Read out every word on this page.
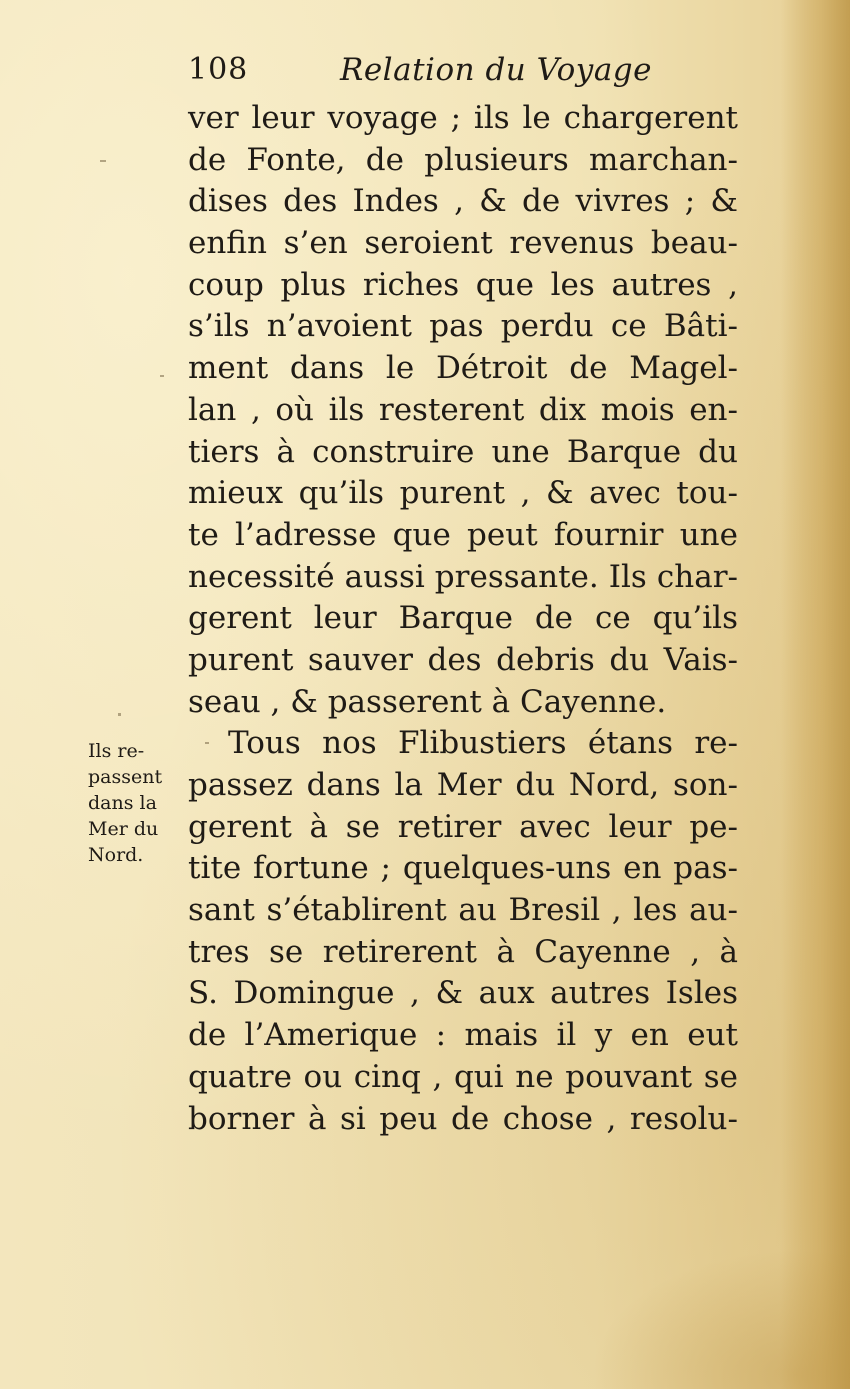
108	Relation du Voyage
ver leur voyage ; ils le chargerent
de Fonte, de plusieurs marchan-
dises des Indes , & de vivres ; &
enfin s’en seroient revenus beau-
coup plus riches que les autres ,
s’ils n’avoient pas perdu ce Bâti-
ment dans le Détroit de Magel-
lan , où ils resterent dix mois en-
tiers à construire une Barque du
mieux qu’ils purent , & avec tou-
te l’adresse que peut fournir une
necessité aussi pressante. Ils char-
gerent leur Barque de ce qu’ils
purent sauver des debris du Vais-
seau , & passerent à Cayenne.
Tous nos Flibustiers étans re-
passez dans la Mer du Nord, son-
gerent à se retirer avec leur pe-
tite fortune ; quelques-uns en pas-
sant s’établirent au Bresil , les au-
tres se retirerent à Cayenne , à
S. Domingue , & aux autres Isles
de l’Amerique : mais il y en eut
quatre ou cinq , qui ne pouvant se
borner à si peu de chose , resolu-
Ils re-
passent
dans la
Mer du
Nord.
